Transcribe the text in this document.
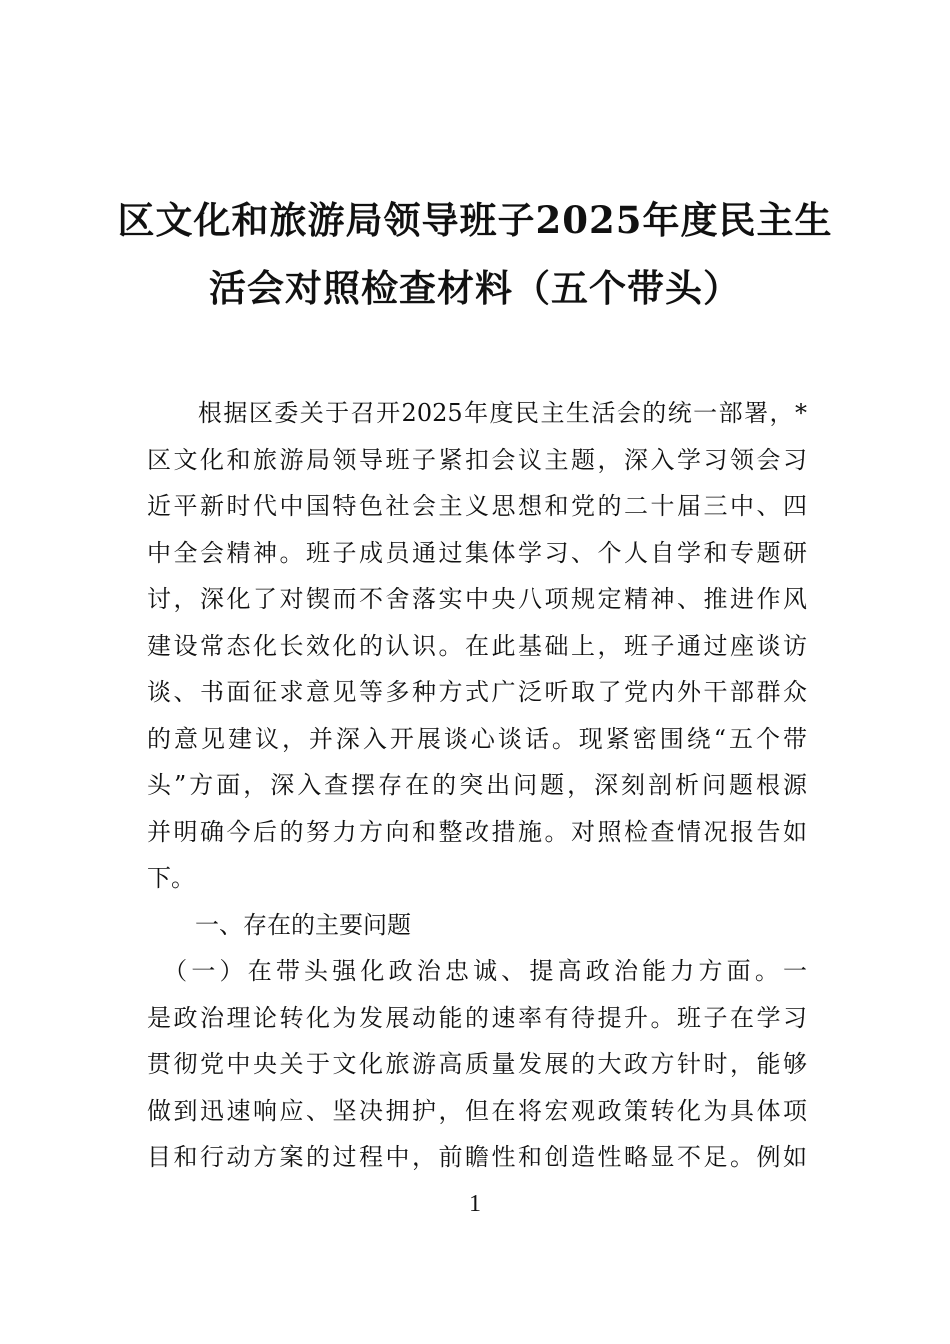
区文化和旅游局领导班子2025年度民主生
活会对照检查材料（五个带头）
　　根据区委关于召开2025年度民主生活会的统一部署，*
区文化和旅游局领导班子紧扣会议主题，深入学习领会习
近平新时代中国特色社会主义思想和党的二十届三中、四
中全会精神。班子成员通过集体学习、个人自学和专题研
讨，深化了对锲而不舍落实中央八项规定精神、推进作风
建设常态化长效化的认识。在此基础上，班子通过座谈访
谈、书面征求意见等多种方式广泛听取了党内外干部群众
的意见建议，并深入开展谈心谈话。现紧密围绕“五个带
头”方面，深入查摆存在的突出问题，深刻剖析问题根源
并明确今后的努力方向和整改措施。对照检查情况报告如
下。
一、存在的主要问题
　（一）在带头强化政治忠诚、提高政治能力方面。一
是政治理论转化为发展动能的速率有待提升。班子在学习
贯彻党中央关于文化旅游高质量发展的大政方针时，能够
做到迅速响应、坚决拥护，但在将宏观政策转化为具体项
目和行动方案的过程中，前瞻性和创造性略显不足。例如
1
